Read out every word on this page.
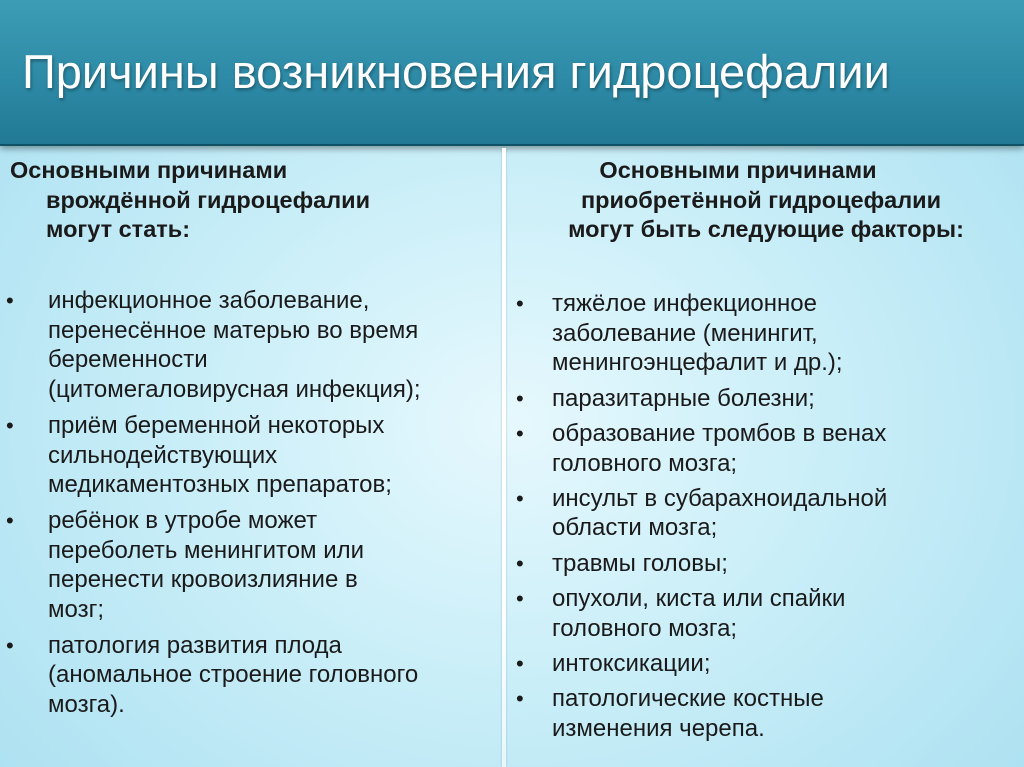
Причины возникновения гидроцефалии
Основными причинами
врождённой гидроцефалии
могут стать:
• инфекционное заболевание,
перенесённое матерью во время
беременности
(цитомегаловирусная инфекция);
• приём беременной некоторых
сильнодействующих
медикаментозных препаратов;
• ребёнок в утробе может
переболеть менингитом или
перенести кровоизлияние в
мозг;
• патология развития плода
(аномальное строение головного
мозга).
Основными причинами
приобретённой гидроцефалии
могут быть следующие факторы:
• тяжёлое инфекционное
заболевание (менингит,
менингоэнцефалит и др.);
• паразитарные болезни;
• образование тромбов в венах
головного мозга;
• инсульт в субарахноидальной
области мозга;
• травмы головы;
• опухоли, киста или спайки
головного мозга;
• интоксикации;
• патологические костные
изменения черепа.
